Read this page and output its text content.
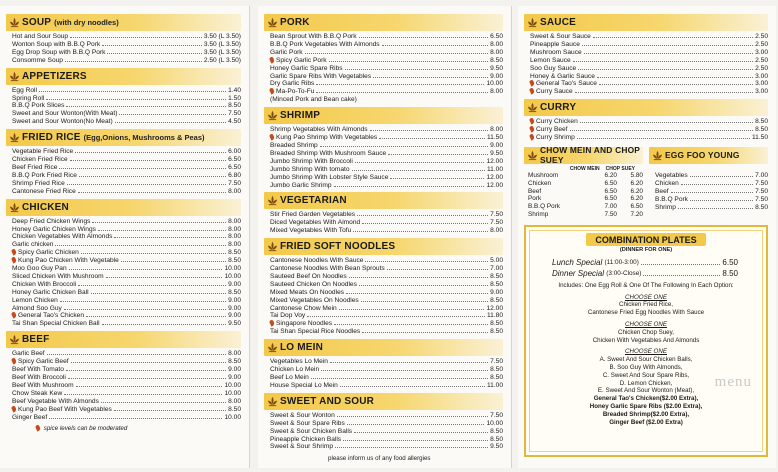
SOUP (with dry noodles)
Hot and Sour Soup	3.50 (L 3.50)
Wonton Soup with B.B.Q Pork	3.50 (L 3.50)
Egg Drop Soup with B.B.Q Pork	3.50 (L 3.50)
Consomme Soup	2.50 (L 3.50)
APPETIZERS
Egg Roll	1.40
Spring Roll	1.50
B.B.Q Pork Slices	8.50
Sweet and Sour Wonton(With Meat)	7.50
Sweet and Sour Wonton(No Meat)	4.50
FRIED RICE (Egg,Onions, Mushrooms & Peas)
Vegetable Fried Rice	6.00
Chicken Fried Rice	6.50
Beef Fried Rice	6.50
B.B.Q Pork Fried Rice	6.80
Shrimp Fried Rice	7.50
Cantonese Fried Rice	8.00
CHICKEN
Deep Fried Chicken Wings	8.00
Honey Garlic Chicken Wings	8.00
Chicken Vegetables With Almonds	8.00
Garlic chicken	8.00
Spicy Garlic Chicken	8.50
Kung Pao Chicken With Vegetable	8.50
Moo Goo Guy Pan	10.00
Sliced Chicken With Mushroom	10.00
Chicken With Broccoli	9.00
Honey Garlic Chicken Ball	8.50
Lemon Chicken	9.00
Almond Soo Guy	9.00
General Tao's Chicken	9.00
Tai Shan Special Chicken Ball	9.50
BEEF
Garlic Beef	8.00
Spicy Garlic Beef	8.50
Beef With Tomato	9.00
Beef With Broccoli	9.00
Beef With Mushroom	10.00
Chow Steak Kew	10.00
Beef Vegetable With Almonds	8.00
Kung Pao Beef With Vegetables	8.50
Ginger Beef	10.00
spice levels can be moderated
PORK
Bean Sprout With B.B.Q Pork	6.50
B.B.Q Pork Vegetables With Almonds	8.00
Garlic Pork	8.00
Spicy Garlic Pork	8.50
Honey Garlic Spare Ribs	9.50
Garlic Spare Ribs With Vegetables	9.00
Dry Garlic Ribs	10.00
Ma-Po-To-Fu	8.00
(Minced Pork and Bean cake)
SHRIMP
Shrimp Vegetables With Almonds	8.00
Kung Pao Shrimp With Vegetables	11.50
Breaded Shrimp	9.00
Breaded Shrimp With Mushroom Sauce	9.50
Jumbo Shrimp With Broccoli	12.00
Jumbo Shrimp With tomato	11.00
Jumbo Shrimp With Lobster Style Sauce	12.00
Jumbo Garlic Shrimp	12.00
VEGETARIAN
Stir Fried Garden Vegetables	7.50
Diced Vegetables With Almond	7.50
Mixed Vegetables With Tofu	8.00
FRIED SOFT NOODLES
Cantonese Noodles With Sauce	5.00
Cantonese Noodles With Bean Sprouts	7.00
Sauteed Beef On Noodles	8.50
Sauteed Chicken On Noodles	8.50
Mixed Meats On Noodles	9.00
Mixed Vegetables On Noodles	8.50
Cantonese Chow Mein	12.00
Tai Dop Voy	11.80
Singapore Noodles	8.50
Tai Shan Special Rice Noodles	8.50
LO MEIN
Vegetables Lo Mein	7.50
Chicken Lo Mein	8.50
Beef Lo Mein	8.50
House Special Lo Mein	11.00
SWEET AND SOUR
Sweet & Sour Wonton	7.50
Sweet & Sour Spare Ribs	10.00
Sweet & Sour Chicken Balls	8.50
Pineapple Chicken Balls	8.50
Sweet & Sour Shrimp	9.50
please inform us of any food allergies
SAUCE
Sweet & Sour Sauce	2.50
Pineapple Sauce	2.50
Mushroom Sauce	3.00
Lemon Sauce	2.50
Soo Guy Sauce	2.50
Honey & Garlic Sauce	3.00
General Tao's Sauce	3.00
Curry Sauce	3.00
CURRY
Curry Chicken	8.50
Curry Beef	8.50
Curry Shrimp	11.50
CHOW MEIN AND CHOP SUEY
CHOW MEIN CHOP SUEY
Mushroom	6.20	5.80
Chicken	6.50	6.20
Beef	6.50	6.20
Pork	6.50	6.20
B.B.Q Pork	7.00	6.50
Shrimp	7.50	7.20
EGG FOO YOUNG
Vegetables	7.00
Chicken	7.50
Beef	7.50
B.B.Q Pork	7.50
Shrimp	8.50
COMBINATION PLATES
(DINNER FOR ONE)
Lunch Special
(11:00-3:00)	6.50
Dinner Special
(3:00-Close)	8.50
Includes: One Egg Roll & One Of The Following In Each Option:
CHOOSE ONE
Chicken Fried Rice,
Cantonese Fried Egg Noodles With Sauce
CHOOSE ONE
Chicken Chop Suey,
Chicken With Vegetables And Almonds
CHOOSE ONE
A. Sweet And Sour Chicken Balls,
B. Soo Guy With Almonds,
C. Sweet And Sour Spare Ribs,
D. Lemon Chicken,
E. Sweet And Sour Wonton (Meat),
General Tao's Chicken($2.00 Extra),
Honey Garlic Spare Ribs ($2.00 Extra),
Breaded Shrimp($2.00 Extra),
Ginger Beef ($2.00 Extra)
menu
